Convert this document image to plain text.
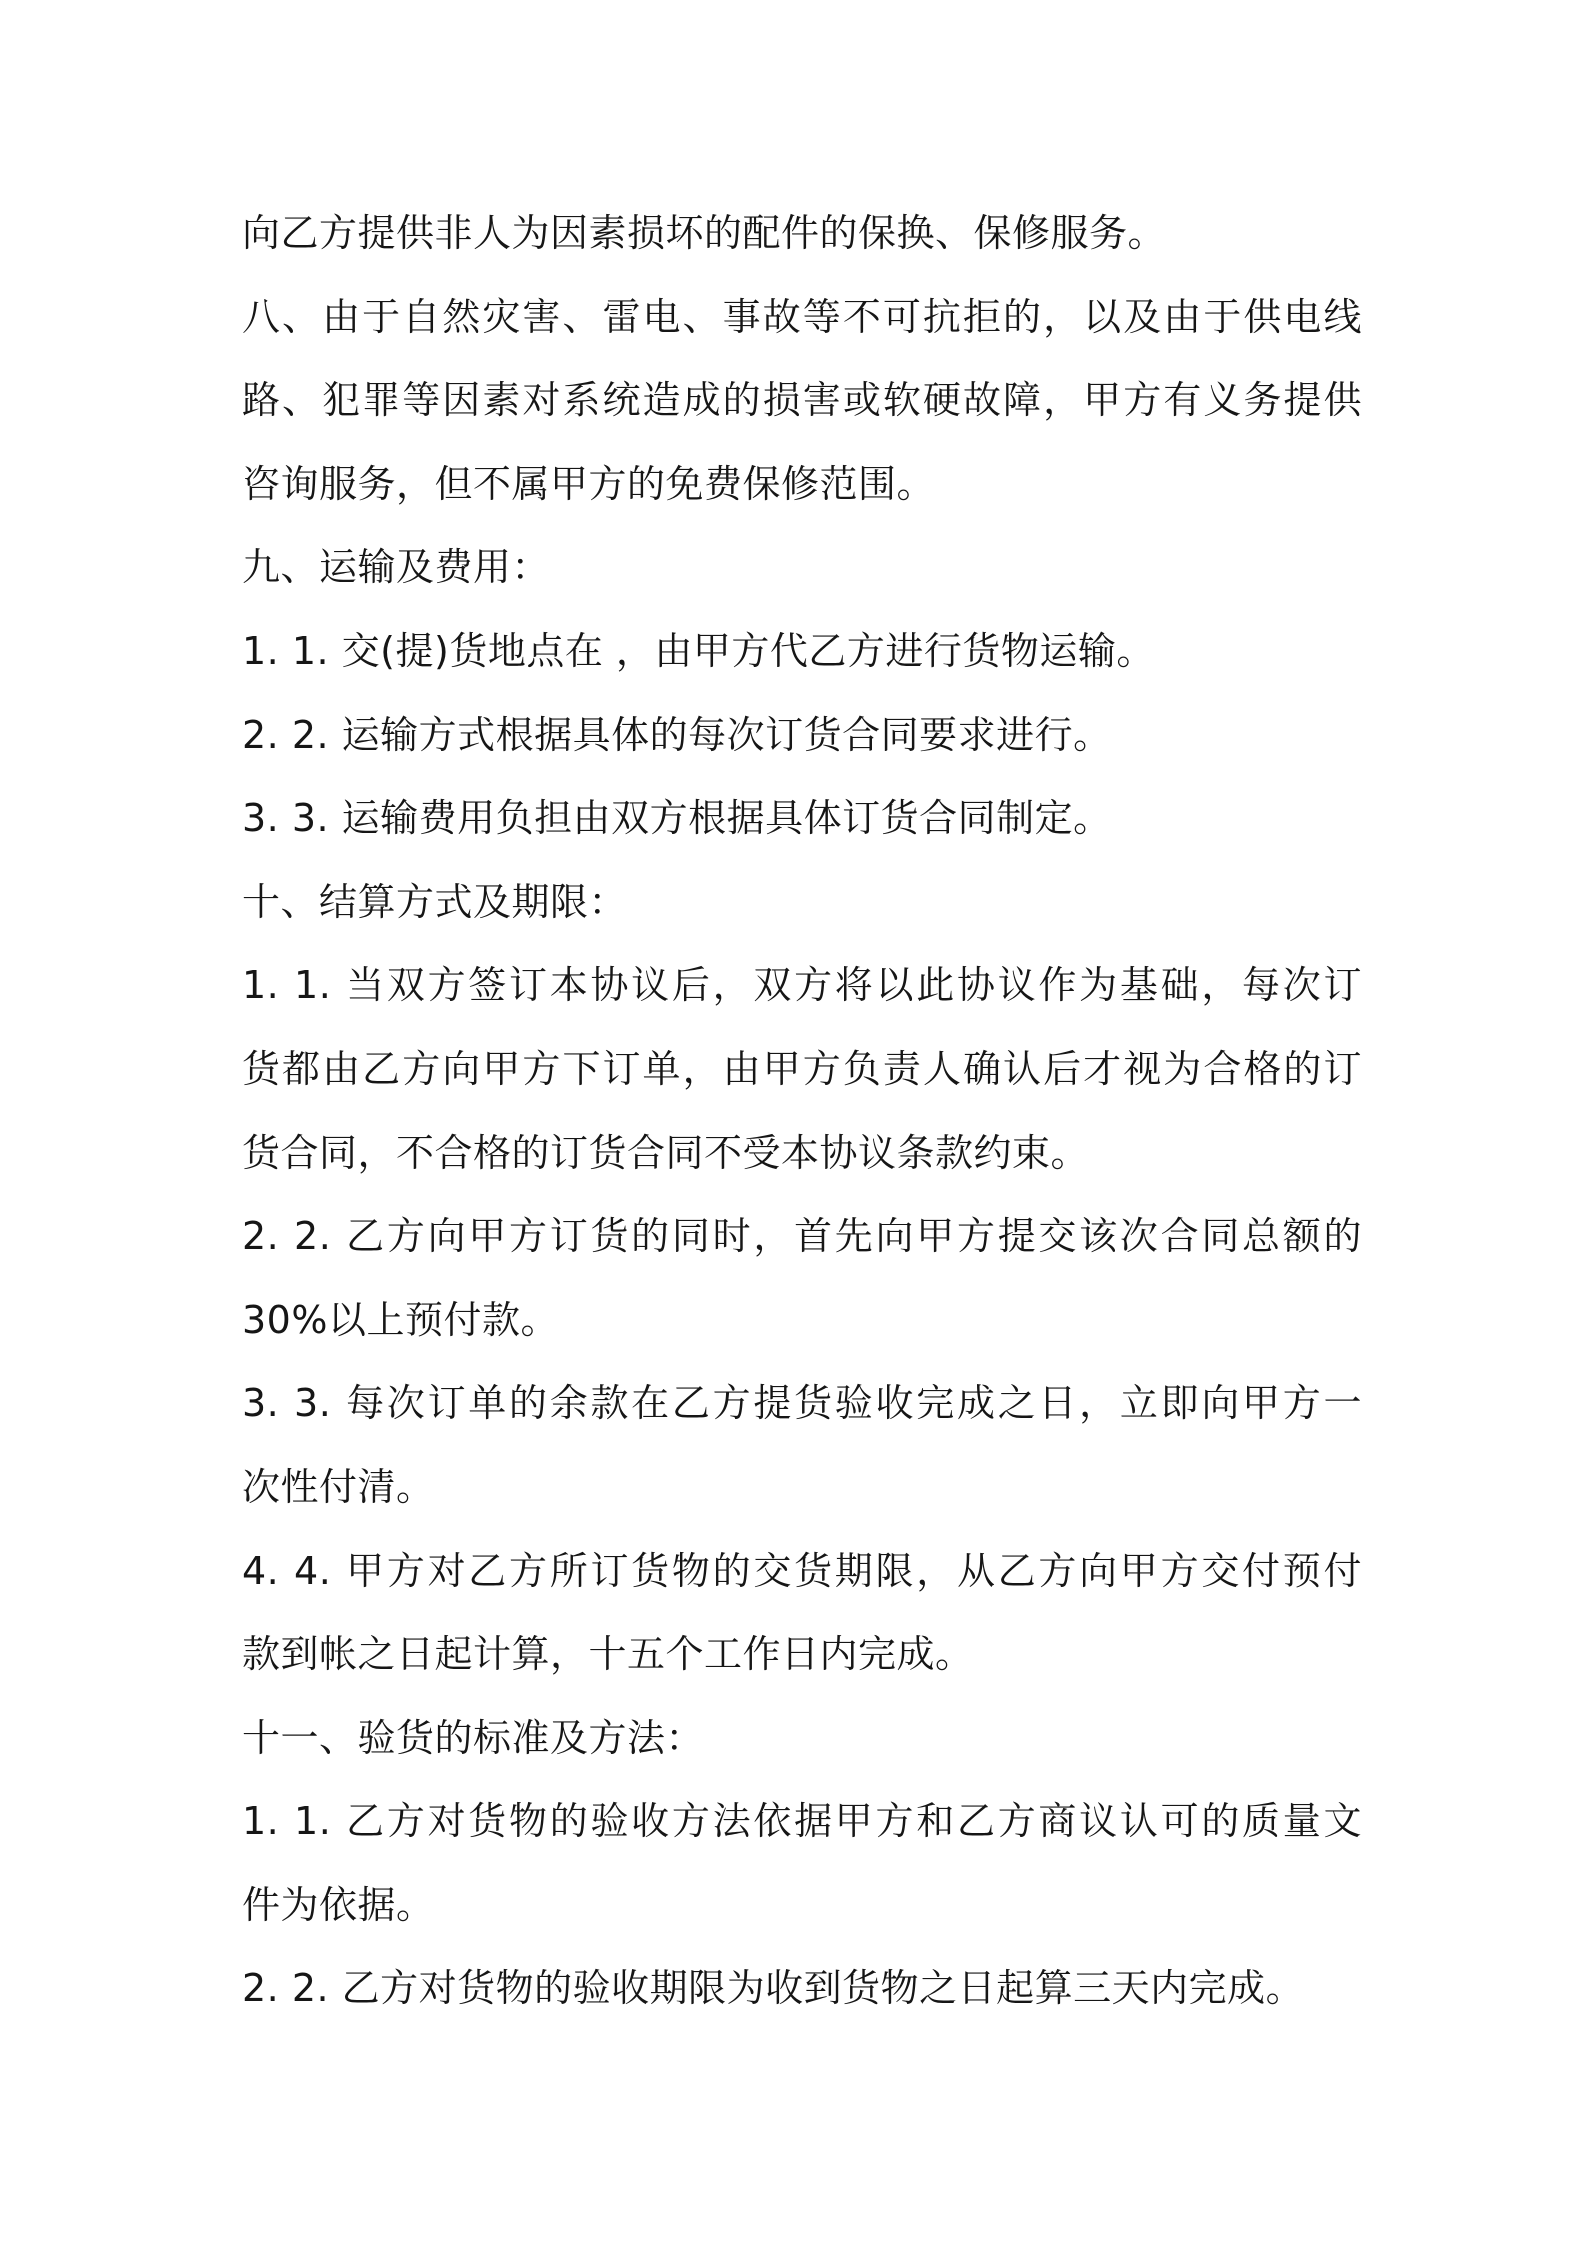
向乙方提供非人为因素损坏的配件的保换、保修服务。
八、由于自然灾害、雷电、事故等不可抗拒的，以及由于供电线
路、犯罪等因素对系统造成的损害或软硬故障，甲方有义务提供
咨询服务，但不属甲方的免费保修范围。
九、运输及费用：
1. 1. 交(提)货地点在 ，由甲方代乙方进行货物运输。
2. 2. 运输方式根据具体的每次订货合同要求进行。
3. 3. 运输费用负担由双方根据具体订货合同制定。
十、结算方式及期限：
1. 1. 当双方签订本协议后，双方将以此协议作为基础，每次订
货都由乙方向甲方下订单，由甲方负责人确认后才视为合格的订
货合同，不合格的订货合同不受本协议条款约束。
2. 2. 乙方向甲方订货的同时，首先向甲方提交该次合同总额的
30%以上预付款。
3. 3. 每次订单的余款在乙方提货验收完成之日，立即向甲方一
次性付清。
4. 4. 甲方对乙方所订货物的交货期限，从乙方向甲方交付预付
款到帐之日起计算，十五个工作日内完成。
十一、验货的标准及方法：
1. 1. 乙方对货物的验收方法依据甲方和乙方商议认可的质量文
件为依据。
2. 2. 乙方对货物的验收期限为收到货物之日起算三天内完成。
